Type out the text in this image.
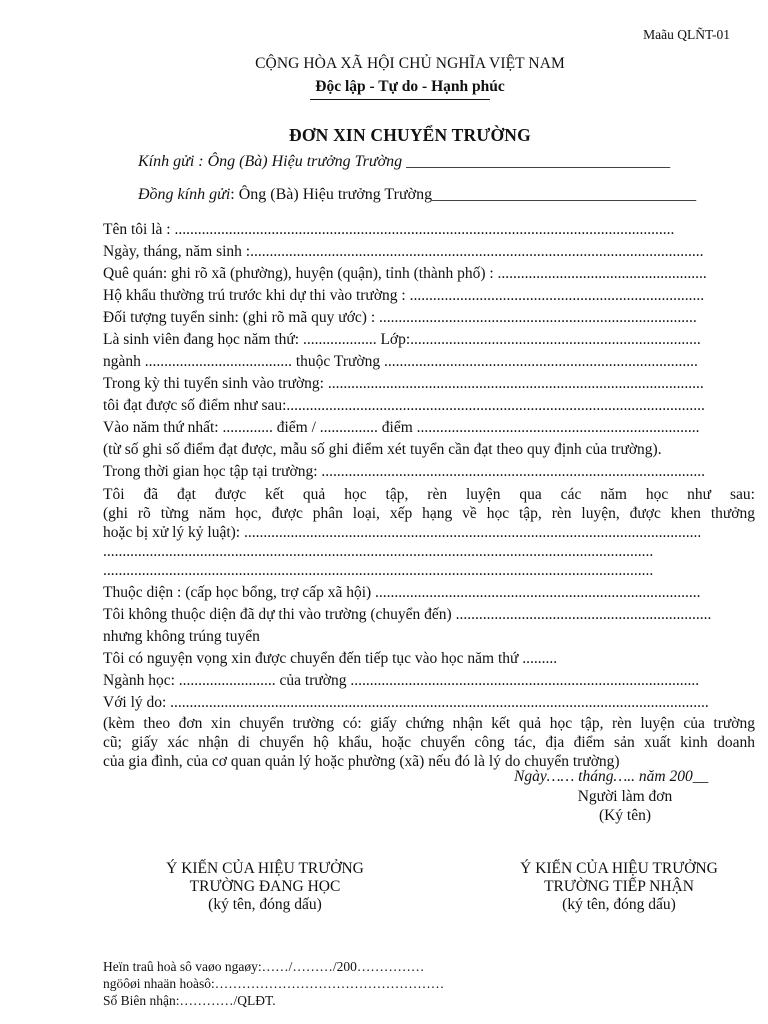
Maãu QLÑT-01
CỘNG HÒA XÃ HỘI CHỦ NGHĨA VIỆT NAM
Độc lập - Tự do - Hạnh phúc
ĐƠN XIN CHUYỂN TRƯỜNG
Kính gửi : Ông (Bà) Hiệu trưởng Trường _________________________________
Đồng kính gửi: Ông (Bà) Hiệu trưởng Trường_________________________________
Tên tôi là : .................................................................................................................................
Ngày, tháng, năm sinh :.....................................................................................................................
Quê quán: ghi rõ xã (phường), huyện (quận), tỉnh (thành phố) : ......................................................
Hộ khẩu thường trú trước khi dự thi vào trường : ............................................................................
Đối tượng tuyển sinh: (ghi rõ mã quy ước) : ..................................................................................
Là sinh viên đang học năm thứ: ................... Lớp:...........................................................................
ngành ...................................... thuộc Trường .................................................................................
Trong kỳ thi tuyển sinh vào trường: .................................................................................................
tôi đạt được số điểm như sau:............................................................................................................
Vào năm thứ nhất: ............. điểm / ............... điểm .........................................................................
(từ số ghi số điểm đạt được, mẫu số ghi điểm xét tuyển cần đạt theo quy định của trường).
Trong thời gian học tập tại trường: ...................................................................................................
Tôi đã đạt được kết quả học tập, rèn luyện qua các năm học như sau:
(ghi rõ từng năm học, được phân loại, xếp hạng về học tập, rèn luyện, được khen thưởng
hoặc bị xử lý kỷ luật): ......................................................................................................................
..............................................................................................................................................
..............................................................................................................................................
Thuộc diện : (cấp học bổng, trợ cấp xã hội) ....................................................................................
Tôi không thuộc diện đã dự thi vào trường (chuyển đến) ..................................................................
nhưng không trúng tuyển
Tôi có nguyện vọng xin được chuyển đến tiếp tục vào học năm thứ .........
Ngành học: ......................... của trường ..........................................................................................
Với lý do: ...........................................................................................................................................
(kèm theo đơn xin chuyển trường có: giấy chứng nhận kết quả học tập, rèn luyện của trường
cũ; giấy xác nhận di chuyển hộ khẩu, hoặc chuyển công tác, địa điểm sản xuất kinh doanh
của gia đình, của cơ quan quản lý hoặc phường (xã) nếu đó là lý do chuyển trường)
Ngày…… tháng….. năm 200__
Người làm đơn
(Ký tên)
Ý KIẾN CỦA HIỆU TRƯỞNG
TRƯỜNG ĐANG HỌC
(ký tên, đóng dấu)
Ý KIẾN CỦA HIỆU TRƯỞNG
TRƯỜNG TIẾP NHẬN
(ký tên, đóng dấu)
Heïn traû hoà sô vaøo ngaøy:……/………/200……………
ngöôøi nhaän hoàsô:……………………………………………
Số Biên nhận:…………/QLĐT.
